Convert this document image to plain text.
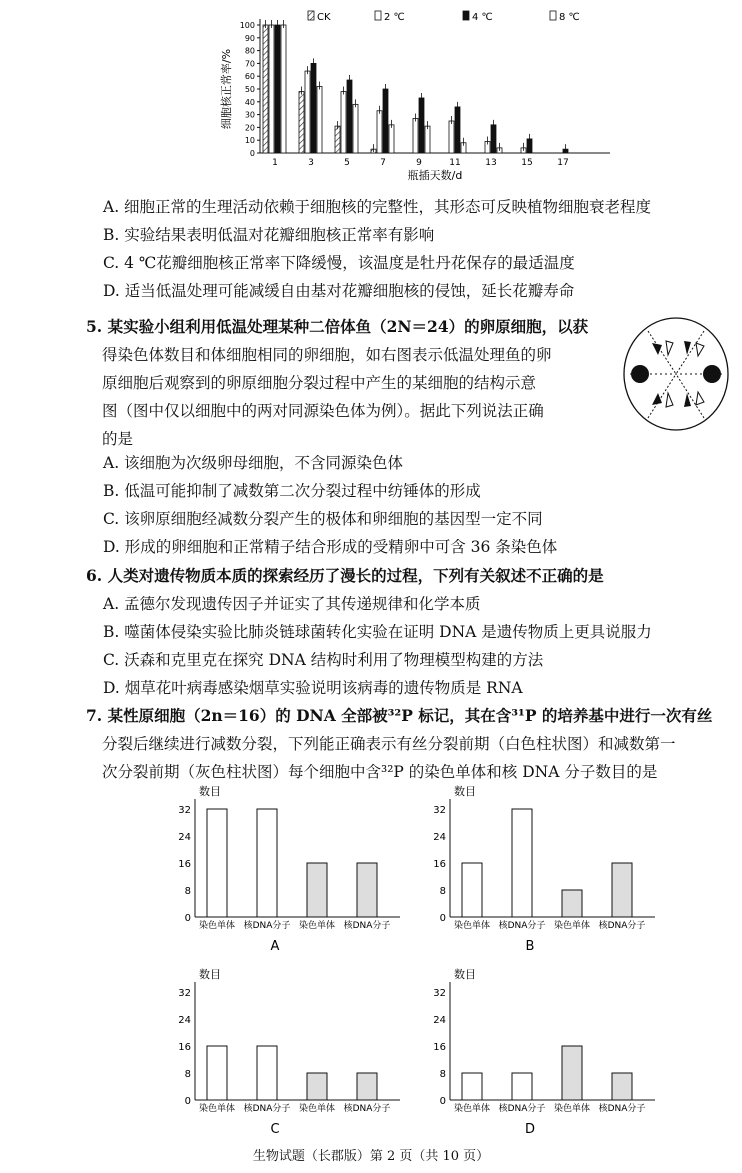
0
10
20
30
40
50
60
70
80
90
100
细胞核正常率/%
瓶插天数/d
1	3	5	7	9	11	13	15	17
CK	2 ℃	4 ℃	8 ℃
A. 细胞正常的生理活动依赖于细胞核的完整性，其形态可反映植物细胞衰老程度
B. 实验结果表明低温对花瓣细胞核正常率有影响
C. 4 ℃花瓣细胞核正常率下降缓慢，该温度是牡丹花保存的最适温度
D. 适当低温处理可能减缓自由基对花瓣细胞核的侵蚀，延长花瓣寿命
5. 某实验小组利用低温处理某种二倍体鱼（2N＝24）的卵原细胞，以获
得染色体数目和体细胞相同的卵细胞，如右图表示低温处理鱼的卵
原细胞后观察到的卵原细胞分裂过程中产生的某细胞的结构示意
图（图中仅以细胞中的两对同源染色体为例）。据此下列说法正确
的是
A. 该细胞为次级卵母细胞，不含同源染色体
B. 低温可能抑制了减数第二次分裂过程中纺锤体的形成
C. 该卵原细胞经减数分裂产生的极体和卵细胞的基因型一定不同
D. 形成的卵细胞和正常精子结合形成的受精卵中可含 36 条染色体
6. 人类对遗传物质本质的探索经历了漫长的过程，下列有关叙述不正确的是
A. 孟德尔发现遗传因子并证实了其传递规律和化学本质
B. 噬菌体侵染实验比肺炎链球菌转化实验在证明 DNA 是遗传物质上更具说服力
C. 沃森和克里克在探究 DNA 结构时利用了物理模型构建的方法
D. 烟草花叶病毒感染烟草实验说明该病毒的遗传物质是 RNA
7. 某性原细胞（2n＝16）的 DNA 全部被³²P 标记，其在含³¹P 的培养基中进行一次有丝
分裂后继续进行减数分裂，下列能正确表示有丝分裂前期（白色柱状图）和减数第一
次分裂前期（灰色柱状图）每个细胞中含³²P 的染色单体和核 DNA 分子数目的是
数目
0
8
16
24
32
染色单体 核DNA分子 染色单体 核DNA分子
A
数目
0
8
16
24
32
染色单体 核DNA分子 染色单体 核DNA分子
B
数目
0
8
16
24
32
染色单体 核DNA分子 染色单体 核DNA分子
C
数目
0
8
16
24
32
染色单体 核DNA分子 染色单体 核DNA分子
D
生物试题（长郡版）第 2 页（共 10 页）
